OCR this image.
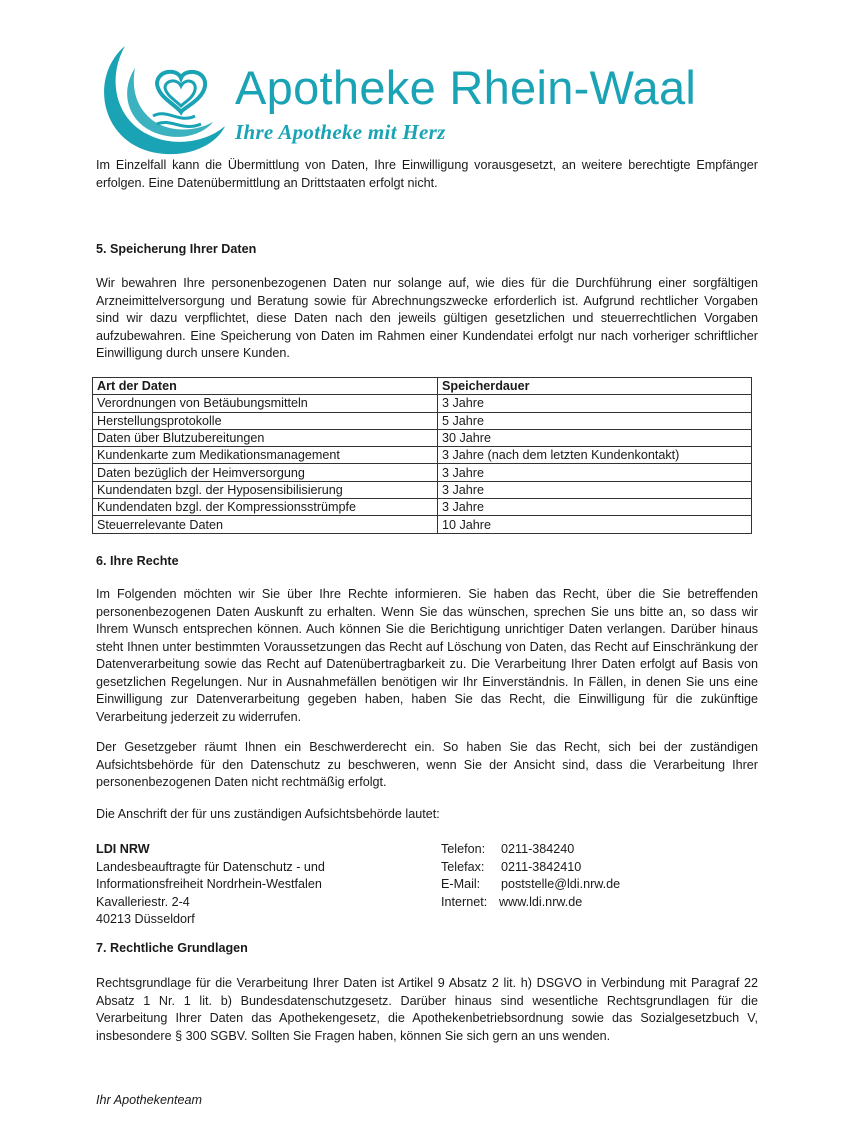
Apotheke Rhein-Waal
Ihre Apotheke mit Herz

Im Einzelfall kann die Übermittlung von Daten, Ihre Einwilligung vorausgesetzt, an weitere berechtigte Empfänger erfolgen. Eine Datenübermittlung an Drittstaaten erfolgt nicht.

5. Speicherung Ihrer Daten

Wir bewahren Ihre personenbezogenen Daten nur solange auf, wie dies für die Durchführung einer sorgfältigen Arzneimittelversorgung und Beratung sowie für Abrechnungszwecke erforderlich ist. Aufgrund rechtlicher Vorgaben sind wir dazu verpflichtet, diese Daten nach den jeweils gültigen gesetzlichen und steuerrechtlichen Vorgaben aufzubewahren. Eine Speicherung von Daten im Rahmen einer Kundendatei erfolgt nur nach vorheriger schriftlicher Einwilligung durch unsere Kunden.

Art der Daten	Speicherdauer
Verordnungen von Betäubungsmitteln	3 Jahre
Herstellungsprotokolle	5 Jahre
Daten über Blutzubereitungen	30 Jahre
Kundenkarte zum Medikationsmanagement	3 Jahre (nach dem letzten Kundenkontakt)
Daten bezüglich der Heimversorgung	3 Jahre
Kundendaten bzgl. der Hyposensibilisierung	3 Jahre
Kundendaten bzgl. der Kompressionsstrümpfe	3 Jahre
Steuerrelevante Daten	10 Jahre

6. Ihre Rechte

Im Folgenden möchten wir Sie über Ihre Rechte informieren. Sie haben das Recht, über die Sie betreffenden personenbezogenen Daten Auskunft zu erhalten. Wenn Sie das wünschen, sprechen Sie uns bitte an, so dass wir Ihrem Wunsch entsprechen können. Auch können Sie die Berichtigung unrichtiger Daten verlangen. Darüber hinaus steht Ihnen unter bestimmten Voraussetzungen das Recht auf Löschung von Daten, das Recht auf Einschränkung der Datenverarbeitung sowie das Recht auf Datenübertragbarkeit zu. Die Verarbeitung Ihrer Daten erfolgt auf Basis von gesetzlichen Regelungen. Nur in Ausnahmefällen benötigen wir Ihr Einverständnis. In Fällen, in denen Sie uns eine Einwilligung zur Datenverarbeitung gegeben haben, haben Sie das Recht, die Einwilligung für die zukünftige Verarbeitung jederzeit zu widerrufen.

Der Gesetzgeber räumt Ihnen ein Beschwerderecht ein. So haben Sie das Recht, sich bei der zuständigen Aufsichtsbehörde für den Datenschutz zu beschweren, wenn Sie der Ansicht sind, dass die Verarbeitung Ihrer personenbezogenen Daten nicht rechtmäßig erfolgt.

Die Anschrift der für uns zuständigen Aufsichtsbehörde lautet:

LDI NRW
Landesbeauftragte für Datenschutz - und
Informationsfreiheit Nordrhein-Westfalen
Kavalleriestr. 2-4
40213 Düsseldorf
Telefon:	0211-384240
Telefax:	0211-3842410
E-Mail:	poststelle@ldi.nrw.de
Internet: www.ldi.nrw.de

7. Rechtliche Grundlagen

Rechtsgrundlage für die Verarbeitung Ihrer Daten ist Artikel 9 Absatz 2 lit. h) DSGVO in Verbindung mit Paragraf 22 Absatz 1 Nr. 1 lit. b) Bundesdatenschutzgesetz. Darüber hinaus sind wesentliche Rechtsgrundlagen für die Verarbeitung Ihrer Daten das Apothekengesetz, die Apothekenbetriebsordnung sowie das Sozialgesetzbuch V, insbesondere § 300 SGBV. Sollten Sie Fragen haben, können Sie sich gern an uns wenden.

Ihr Apothekenteam
